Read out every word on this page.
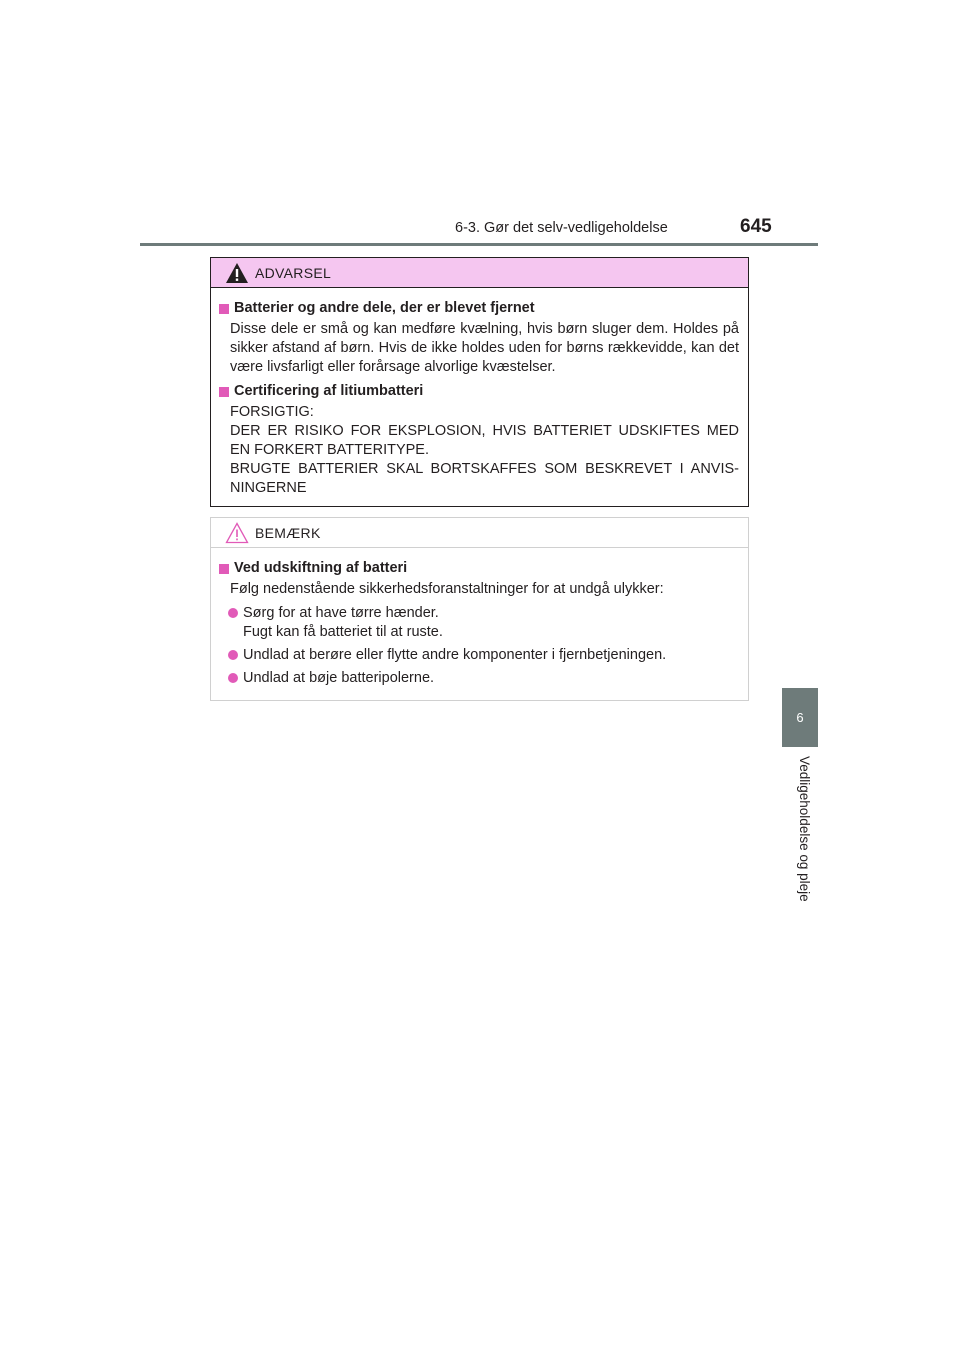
6-3. Gør det selv-vedligeholdelse	645
6
Vedligeholdelse og pleje
ADVARSEL
Batterier og andre dele, der er blevet fjernet
Disse dele er små og kan medføre kvælning, hvis børn sluger dem. Holdes på sikker afstand af børn. Hvis de ikke holdes uden for børns rækkevidde, kan det være livsfarligt eller forårsage alvorlige kvæstelser.
Certificering af litiumbatteri
FORSIGTIG:
DER ER RISIKO FOR EKSPLOSION, HVIS BATTERIET UDSKIFTES MED EN FORKERT BATTERITYPE.
BRUGTE BATTERIER SKAL BORTSKAFFES SOM BESKREVET I ANVIS-NINGERNE
BEMÆRK
Ved udskiftning af batteri
Følg nedenstående sikkerhedsforanstaltninger for at undgå ulykker:
Sørg for at have tørre hænder.
Fugt kan få batteriet til at ruste.
Undlad at berøre eller flytte andre komponenter i fjernbetjeningen.
Undlad at bøje batteripolerne.
